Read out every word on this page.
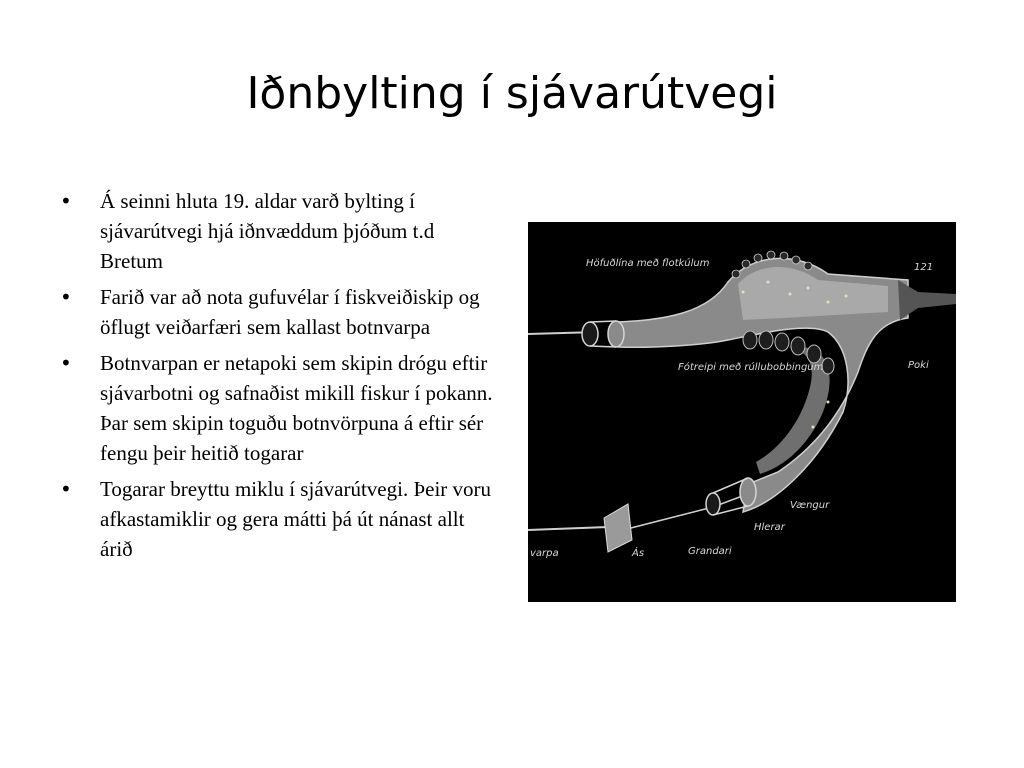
Iðnbylting í sjávarútvegi
• Á seinni hluta 19. aldar varð bylting í sjávarútvegi hjá iðnvæddum þjóðum t.d Bretum
• Farið var að nota gufuvélar í fiskveiðiskip og öflugt veiðarfæri sem kallast botnvarpa
• Botnvarpan er netapoki sem skipin drógu eftir sjávarbotni og safnaðist mikill fiskur í pokann. Þar sem skipin toguðu botnvörpuna á eftir sér fengu þeir heitið togarar
• Togarar breyttu miklu í sjávarútvegi. Þeir voru afkastamiklir og gera mátti þá út nánast allt árið
Höfuðlína með flotkúlum	121
Fótreipi með rúllubobbingum	Poki
Vængur
Hlerar
Grandari
Ás
varpa
